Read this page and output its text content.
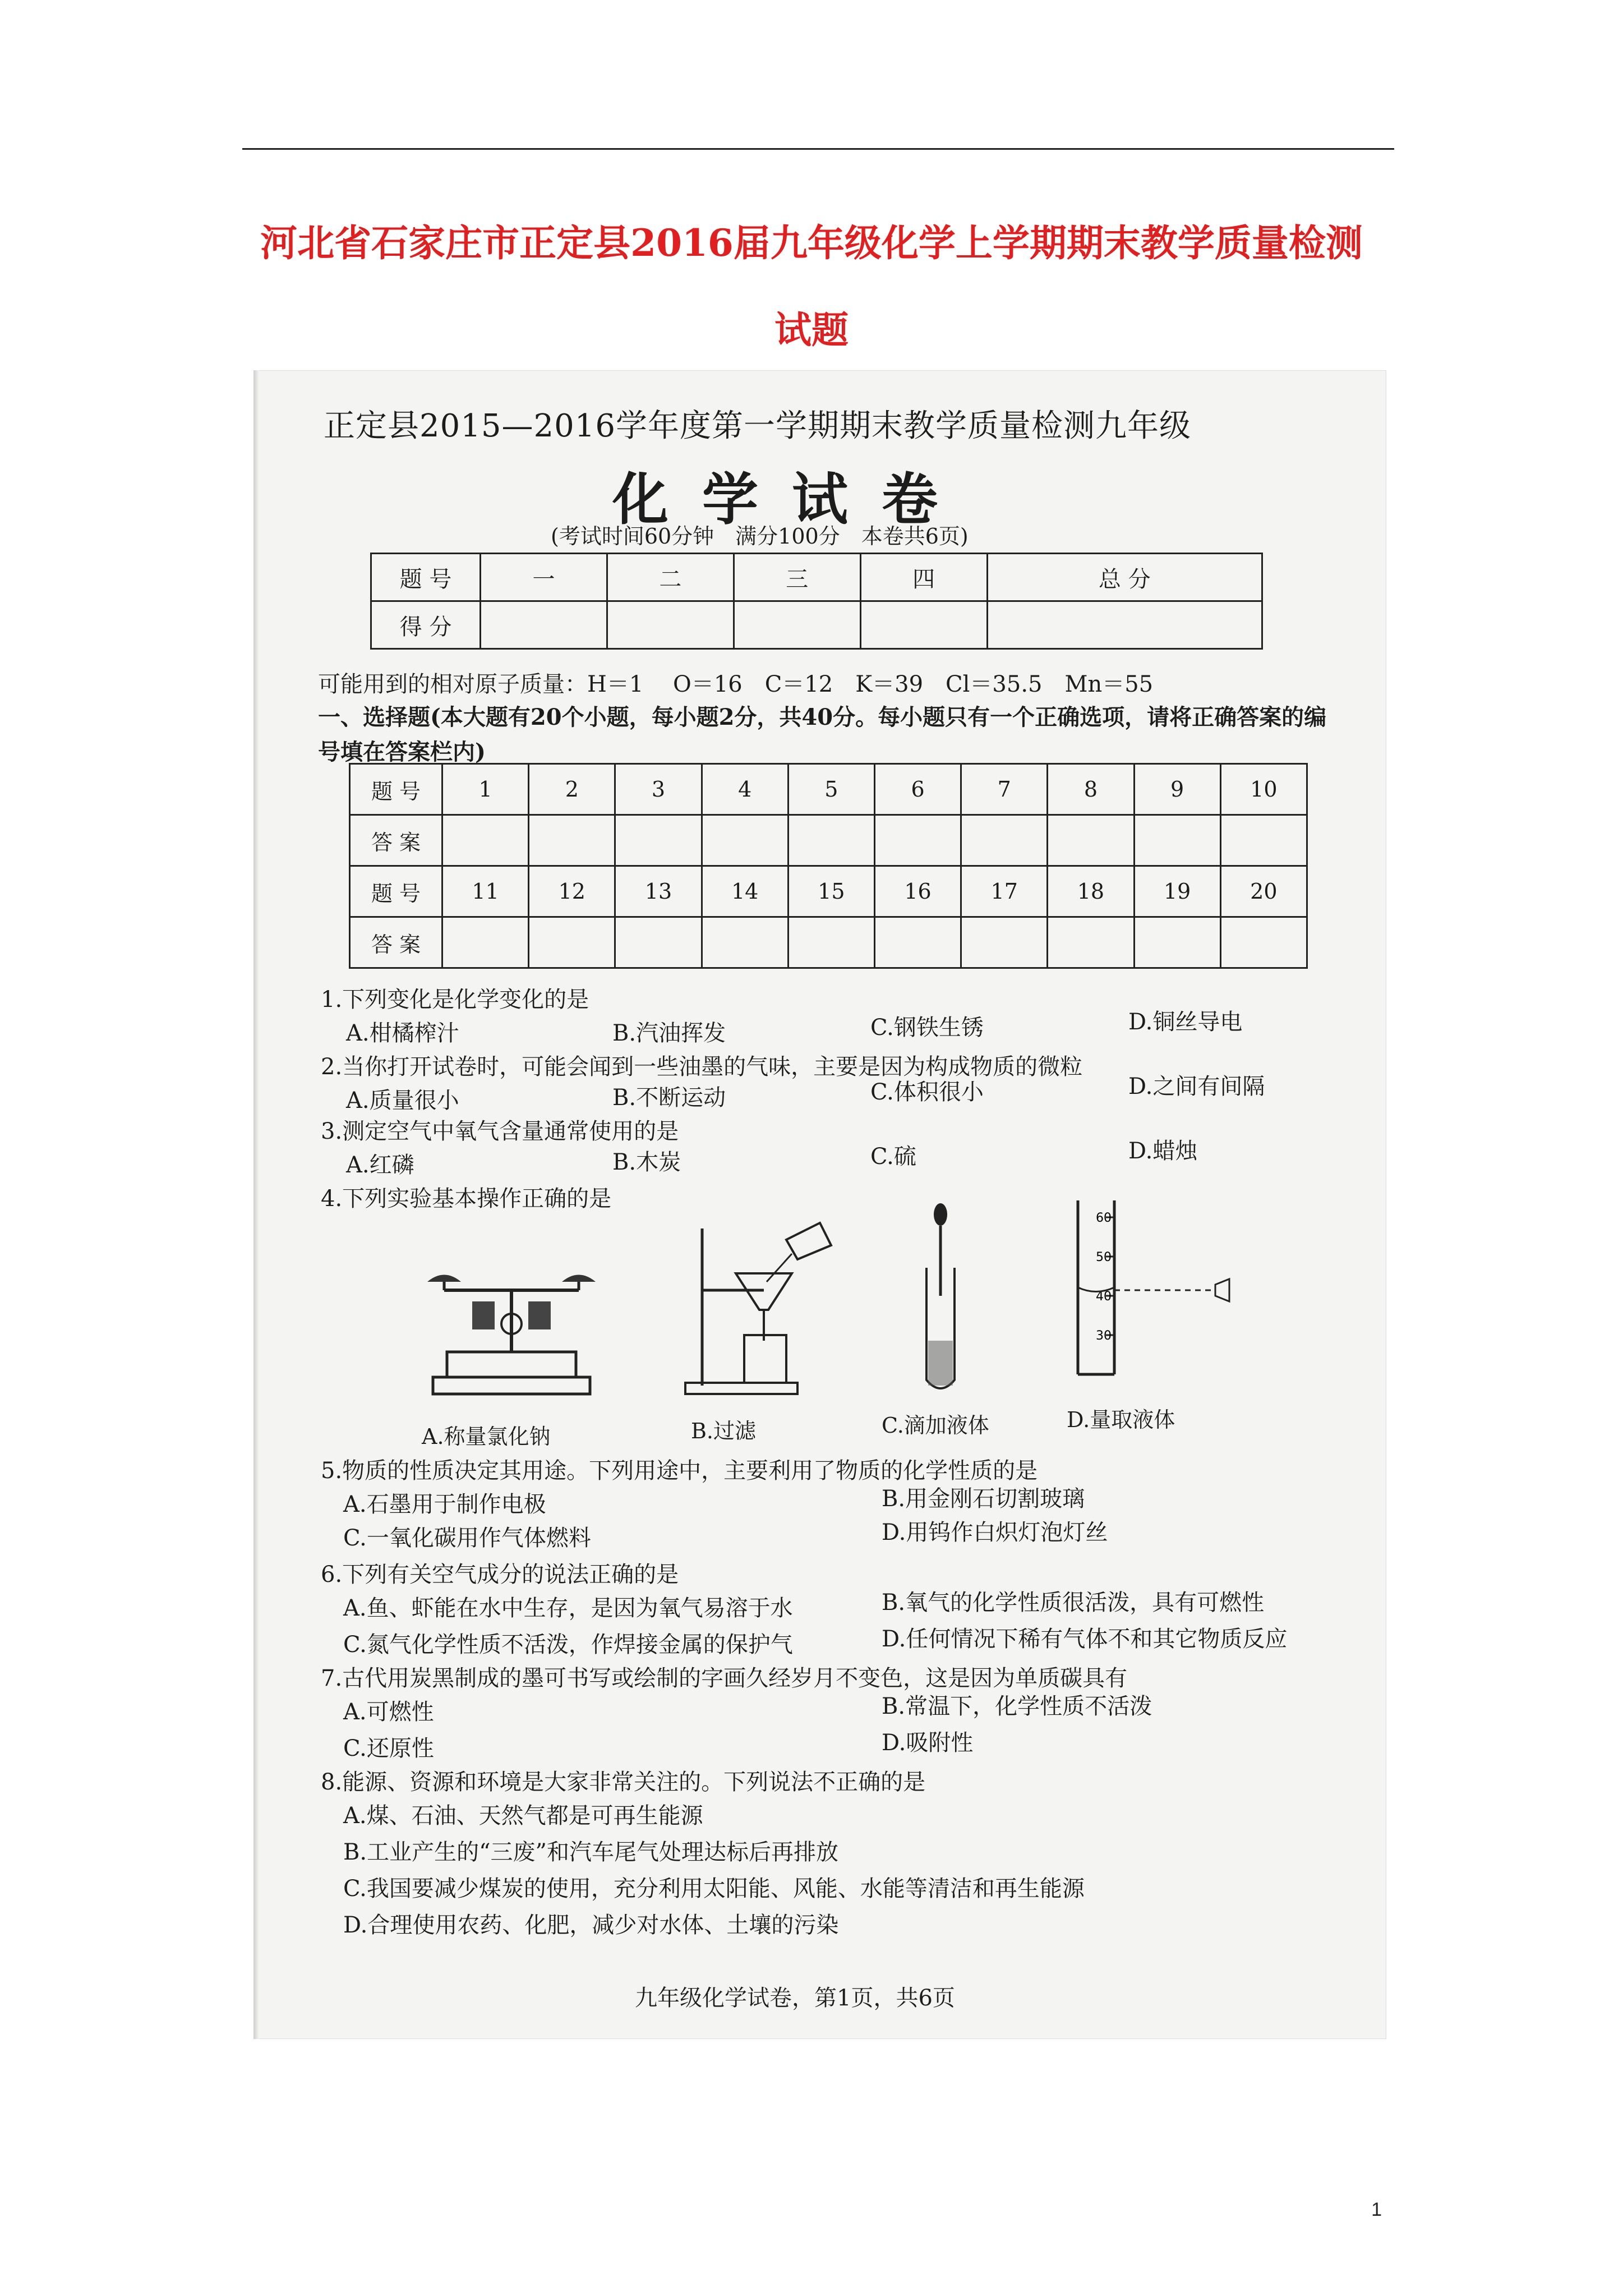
河北省石家庄市正定县2016届九年级化学上学期期末教学质量检测
试题
正定县2015—2016学年度第一学期期末教学质量检测九年级
化学试卷
(考试时间60分钟　满分100分　本卷共6页)
题 号	一	二	三	四	总 分
得 分					
可能用到的相对原子质量：H＝1　 O＝16　C＝12　K＝39　Cl＝35.5　Mn＝55
一、选择题(本大题有20个小题，每小题2分，共40分。每小题只有一个正确选项，请将正确答案的编号填在答案栏内)
题 号	1	2	3	4	5	6	7	8	9	10
答 案										
题 号	11	12	13	14	15	16	17	18	19	20
答 案										
1.下列变化是化学变化的是
A.柑橘榨汁	B.汽油挥发	C.钢铁生锈	D.铜丝导电
2.当你打开试卷时，可能会闻到一些油墨的气味，主要是因为构成物质的微粒
A.质量很小	B.不断运动	C.体积很小	D.之间有间隔
3.测定空气中氧气含量通常使用的是
A.红磷	B.木炭	C.硫	D.蜡烛
4.下列实验基本操作正确的是
60
50
40
30
A.称量氯化钠	B.过滤	C.滴加液体	D.量取液体
5.物质的性质决定其用途。下列用途中，主要利用了物质的化学性质的是
A.石墨用于制作电极	B.用金刚石切割玻璃
C.一氧化碳用作气体燃料	D.用钨作白炽灯泡灯丝
6.下列有关空气成分的说法正确的是
A.鱼、虾能在水中生存，是因为氧气易溶于水	B.氧气的化学性质很活泼，具有可燃性
C.氮气化学性质不活泼，作焊接金属的保护气	D.任何情况下稀有气体不和其它物质反应
7.古代用炭黑制成的墨可书写或绘制的字画久经岁月不变色，这是因为单质碳具有
A.可燃性	B.常温下，化学性质不活泼
C.还原性	D.吸附性
8.能源、资源和环境是大家非常关注的。下列说法不正确的是
A.煤、石油、天然气都是可再生能源
B.工业产生的“三废”和汽车尾气处理达标后再排放
C.我国要减少煤炭的使用，充分利用太阳能、风能、水能等清洁和再生能源
D.合理使用农药、化肥，减少对水体、土壤的污染
九年级化学试卷，第1页，共6页
1
